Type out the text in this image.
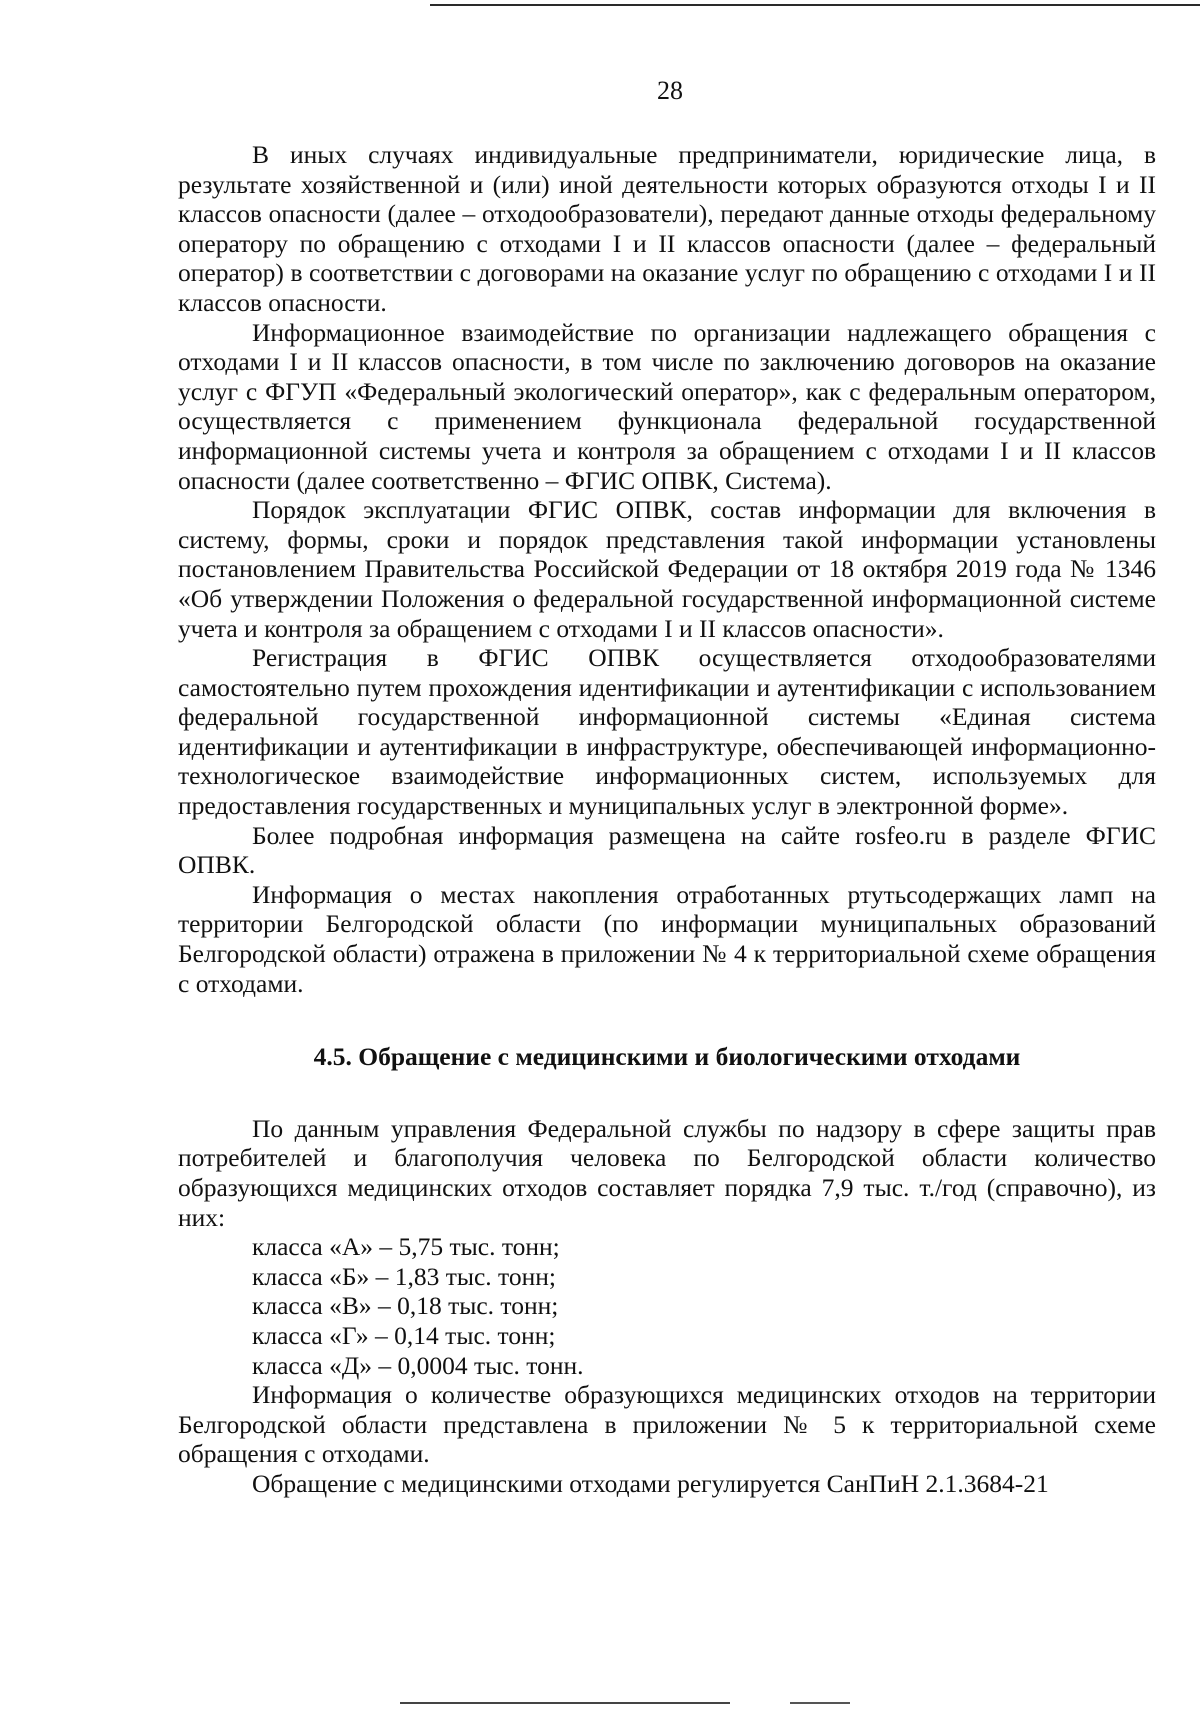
28

В иных случаях индивидуальные предприниматели, юридические лица, в результате хозяйственной и (или) иной деятельности которых образуются отходы I и II классов опасности (далее – отходообразователи), передают данные отходы федеральному оператору по обращению с отходами I и II классов опасности (далее – федеральный оператор) в соответствии с договорами на оказание услуг по обращению с отходами I и II классов опасности.

Информационное взаимодействие по организации надлежащего обращения с отходами I и II классов опасности, в том числе по заключению договоров на оказание услуг с ФГУП «Федеральный экологический оператор», как с федеральным оператором, осуществляется с применением функционала федеральной государственной информационной системы учета и контроля за обращением с отходами I и II классов опасности (далее соответственно – ФГИС ОПВК, Система).

Порядок эксплуатации ФГИС ОПВК, состав информации для включения в систему, формы, сроки и порядок представления такой информации установлены постановлением Правительства Российской Федерации от 18 октября 2019 года № 1346 «Об утверждении Положения о федеральной государственной информационной системе учета и контроля за обращением с отходами I и II классов опасности».

Регистрация в ФГИС ОПВК осуществляется отходообразователями самостоятельно путем прохождения идентификации и аутентификации с использованием федеральной государственной информационной системы «Единая система идентификации и аутентификации в инфраструктуре, обеспечивающей информационно-технологическое взаимодействие информационных систем, используемых для предоставления государственных и муниципальных услуг в электронной форме».

Более подробная информация размещена на сайте rosfeo.ru в разделе ФГИС ОПВК.

Информация о местах накопления отработанных ртутьсодержащих ламп на территории Белгородской области (по информации муниципальных образований Белгородской области) отражена в приложении № 4 к территориальной схеме обращения с отходами.

4.5. Обращение с медицинскими и биологическими отходами

По данным управления Федеральной службы по надзору в сфере защиты прав потребителей и благополучия человека по Белгородской области количество образующихся медицинских отходов составляет порядка 7,9 тыс. т./год (справочно), из них:

класса «А» – 5,75 тыс. тонн;

класса «Б» – 1,83 тыс. тонн;

класса «В» – 0,18 тыс. тонн;

класса «Г» – 0,14 тыс. тонн;

класса «Д» – 0,0004 тыс. тонн.

Информация о количестве образующихся медицинских отходов на территории Белгородской области представлена в приложении № 5 к территориальной схеме обращения с отходами.

Обращение с медицинскими отходами регулируется СанПиН 2.1.3684-21
